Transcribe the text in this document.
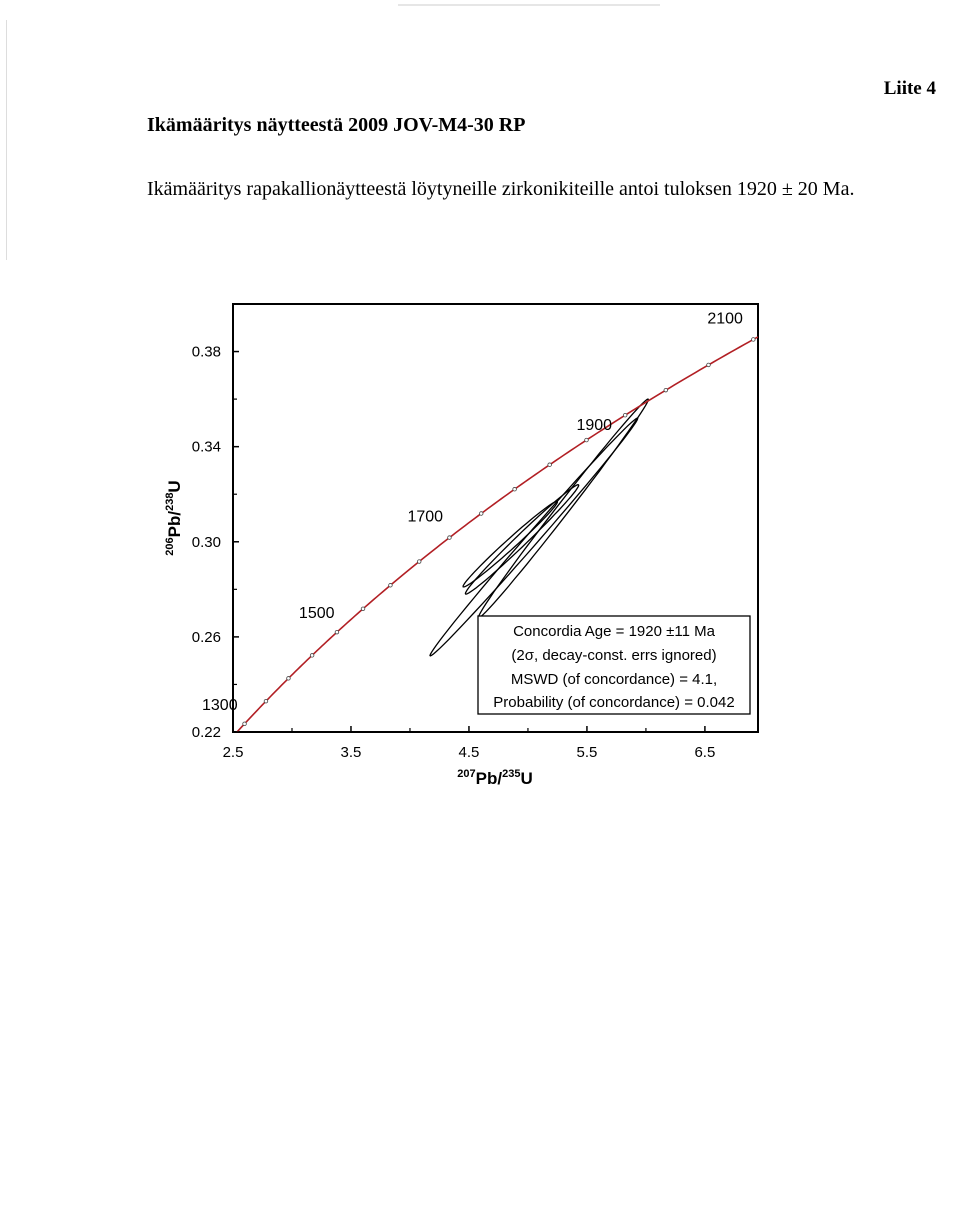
Liite 4
Ikämääritys näytteestä 2009 JOV-M4-30 RP
Ikämääritys rapakallionäytteestä löytyneille zirkonikiteille antoi tuloksen 1920 ± 20 Ma.
1300
1500
1700
1900
2100
2.5	3.5	4.5	5.5	6.5
0.22
0.26
0.30
0.34
0.38
$^{207}$Pb/$^{235}$U
$^{206}$Pb/$^{238}$U
Concordia Age = 1920 ±11 Ma
(2σ, decay-const. errs ignored)
MSWD (of concordance) = 4.1,
Probability (of concordance) = 0.042
